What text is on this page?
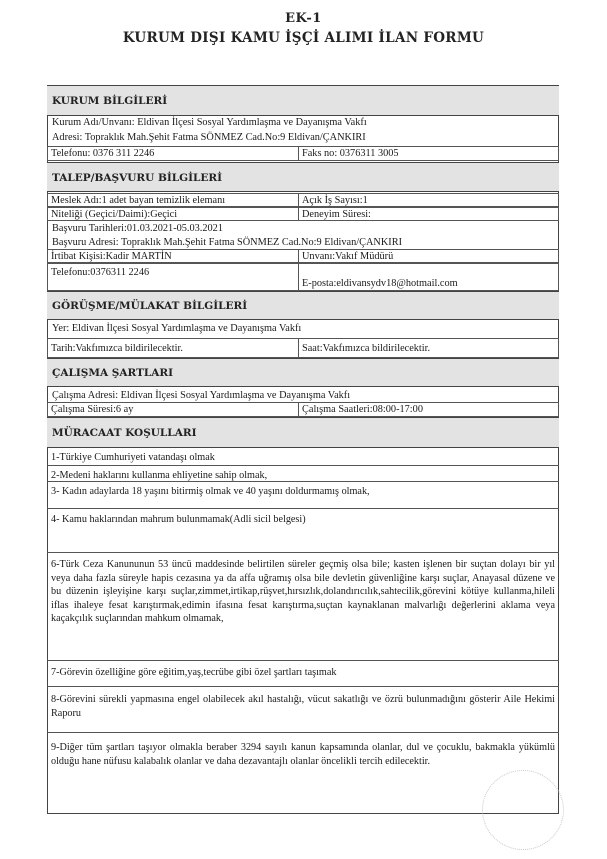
EK-1
KURUM DIŞI KAMU İŞÇİ ALIMI İLAN FORMU
KURUM BİLGİLERİ
Kurum Adı/Unvanı: Eldivan İlçesi Sosyal Yardımlaşma ve Dayanışma Vakfı
Adresi: Topraklık Mah.Şehit Fatma SÖNMEZ Cad.No:9 Eldivan/ÇANKIRI
Telefonu: 0376 311 2246	Faks no: 0376311 3005
TALEP/BAŞVURU BİLGİLERİ
Meslek Adı:1 adet bayan temizlik elemanı	Açık İş Sayısı:1
Niteliği (Geçici/Daimi):Geçici	Deneyim Süresi:
Başvuru Tarihleri:01.03.2021-05.03.2021
Başvuru Adresi: Topraklık Mah.Şehit Fatma SÖNMEZ Cad.No:9 Eldivan/ÇANKIRI
İrtibat Kişisi:Kadir MARTİN	Unvanı:Vakıf Müdürü
Telefonu:0376311 2246
E-posta:eldivansydv18@hotmail.com
GÖRÜŞME/MÜLAKAT BİLGİLERİ
Yer: Eldivan İlçesi Sosyal Yardımlaşma ve Dayanışma Vakfı
Tarih:Vakfımızca bildirilecektir.	Saat:Vakfımızca bildirilecektir.
ÇALIŞMA ŞARTLARI
Çalışma Adresi: Eldivan İlçesi Sosyal Yardımlaşma ve Dayanışma Vakfı
Çalışma Süresi:6 ay	Çalışma Saatleri:08:00-17:00
MÜRACAAT KOŞULLARI
1-Türkiye Cumhuriyeti vatandaşı olmak
2-Medeni haklarını kullanma ehliyetine sahip olmak,
3- Kadın adaylarda 18 yaşını bitirmiş olmak ve 40 yaşını doldurmamış olmak,
4- Kamu haklarından mahrum bulunmamak(Adli sicil belgesi)
6-Türk Ceza Kanununun 53 üncü maddesinde belirtilen süreler geçmiş olsa bile; kasten işlenen bir suçtan dolayı bir yıl veya daha fazla süreyle hapis cezasına ya da affa uğramış olsa bile devletin güvenliğine karşı suçlar, Anayasal düzene ve bu düzenin işleyişine karşı suçlar,zimmet,irtikap,rüşvet,hırsızlık,dolandırıcılık,sahtecilik,görevini kötüye kullanma,hileli iflas ihaleye fesat karıştırmak,edimin ifasına fesat karıştırma,suçtan kaynaklanan malvarlığı değerlerini aklama veya kaçakçılık suçlarından mahkum olmamak,
7-Görevin özelliğine göre eğitim,yaş,tecrübe gibi özel şartları taşımak
8-Görevini sürekli yapmasına engel olabilecek akıl hastalığı, vücut sakatlığı ve özrü bulunmadığını gösterir Aile Hekimi Raporu
9-Diğer tüm şartları taşıyor olmakla beraber 3294 sayılı kanun kapsamında olanlar, dul ve çocuklu, bakmakla yükümlü olduğu hane nüfusu kalabalık olanlar ve daha dezavantajlı olanlar öncelikli tercih edilecektir.
